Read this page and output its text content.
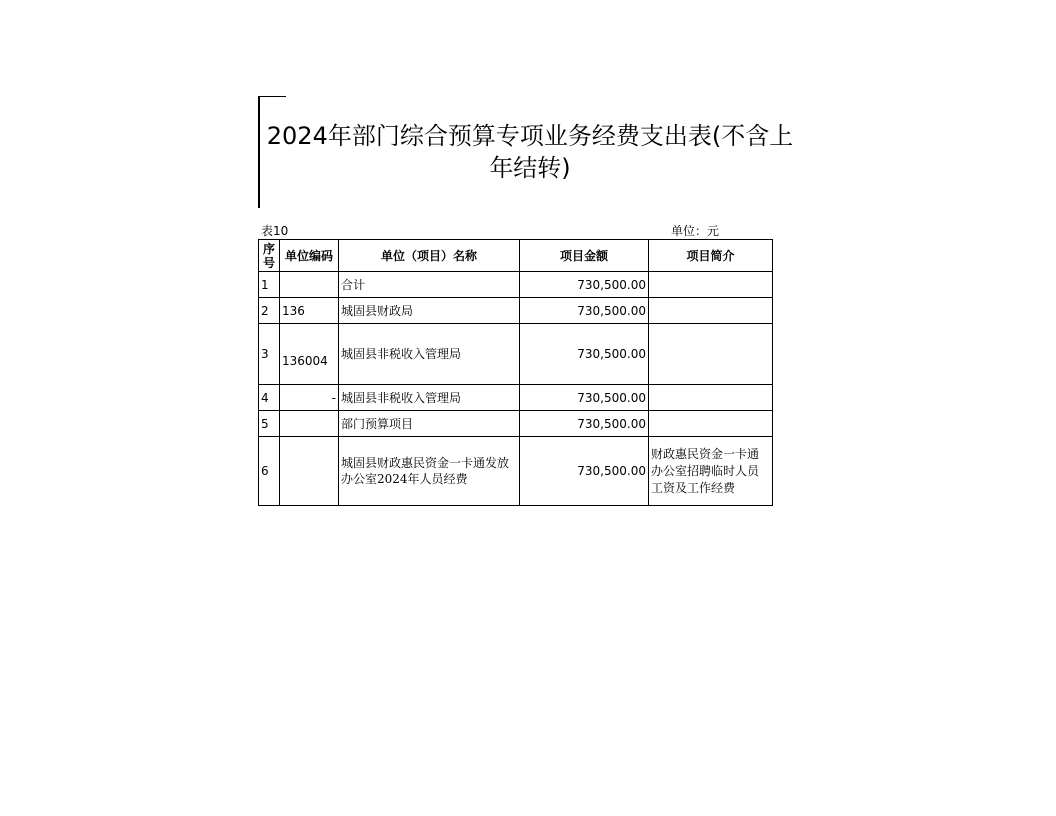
2024年部门综合预算专项业务经费支出表(不含上年结转)
表10	单位：元
序号	单位编码	单位（项目）名称	项目金额	项目简介
1		合计	730,500.00	
2	136	城固县财政局	730,500.00	
3	136004	城固县非税收入管理局	730,500.00	
4	-	城固县非税收入管理局	730,500.00	
5		部门预算项目	730,500.00	
6		城固县财政惠民资金一卡通发放办公室2024年人员经费	730,500.00	财政惠民资金一卡通办公室招聘临时人员工资及工作经费
